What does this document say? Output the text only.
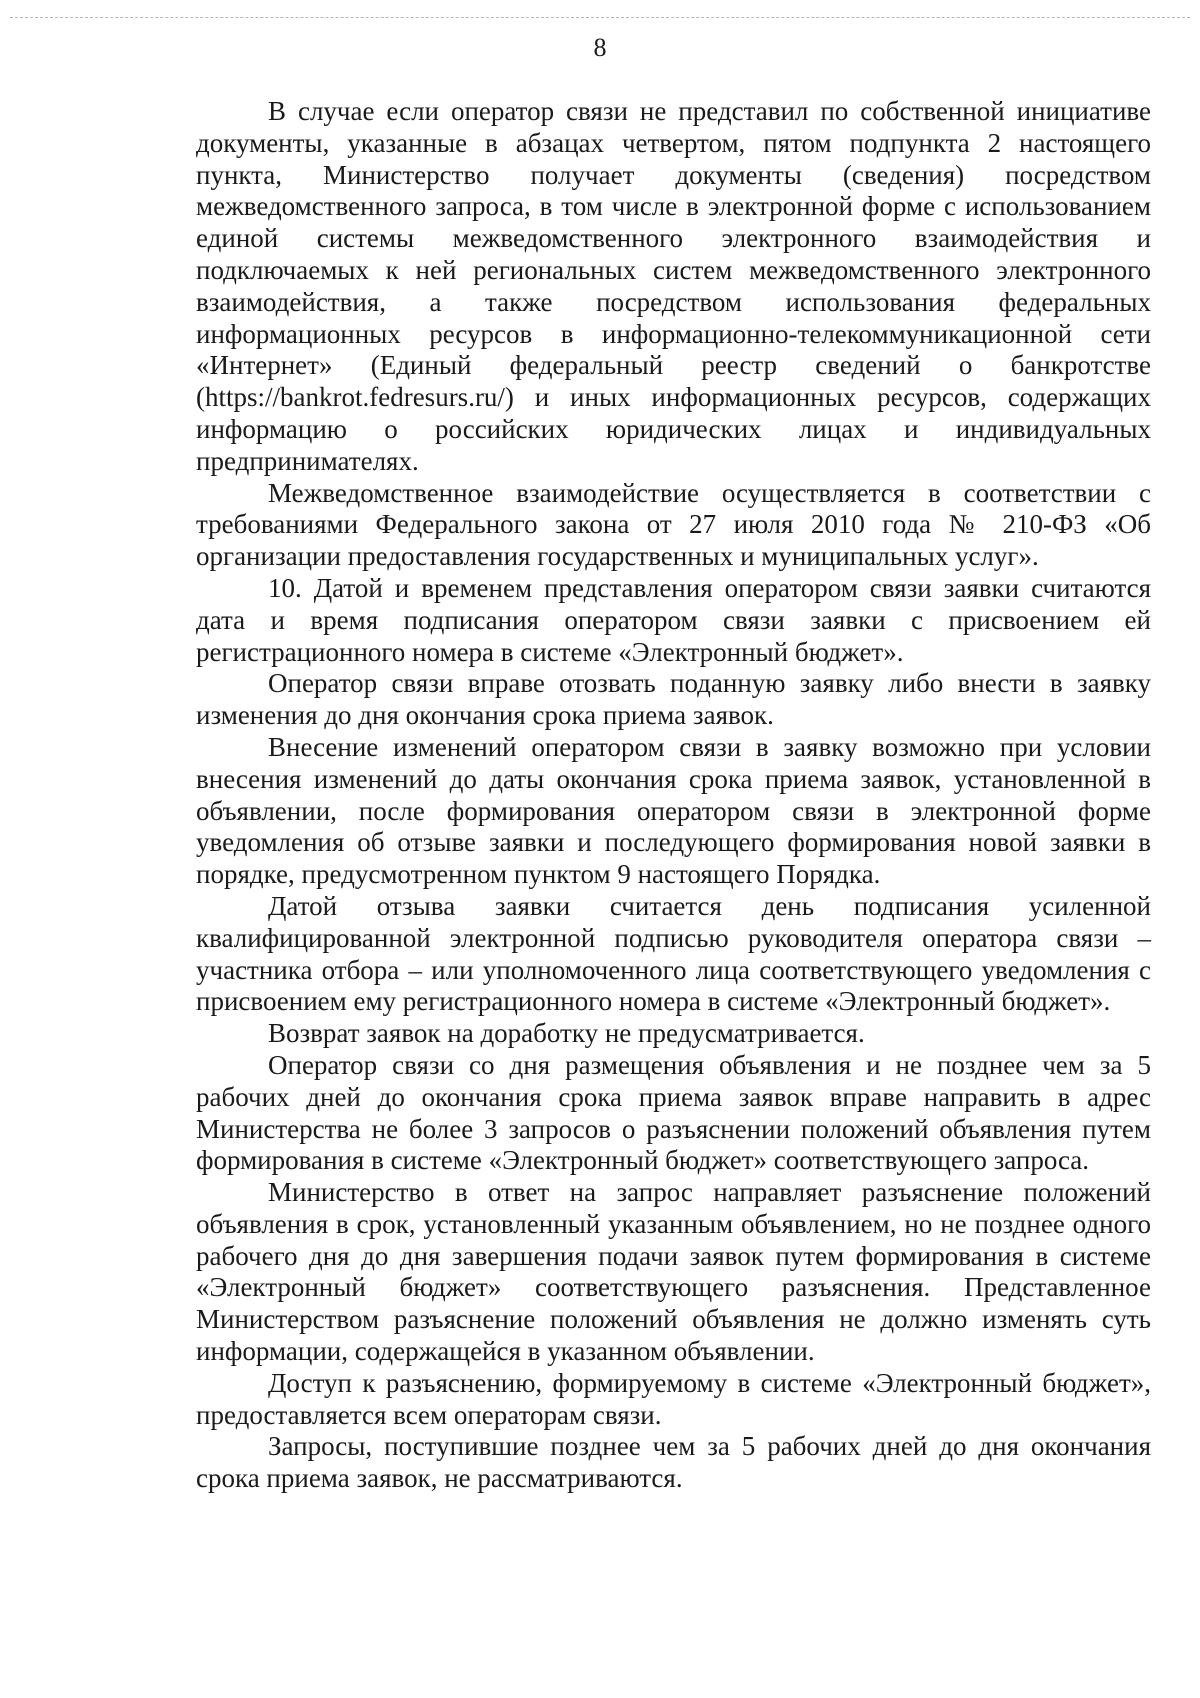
8

В случае если оператор связи не представил по собственной инициативе документы, указанные в абзацах четвертом, пятом подпункта 2 настоящего пункта, Министерство получает документы (сведения) посредством межведомственного запроса, в том числе в электронной форме с использованием единой системы межведомственного электронного взаимодействия и подключаемых к ней региональных систем межведомственного электронного взаимодействия, а также посредством использования федеральных информационных ресурсов в информационно-телекоммуникационной сети «Интернет» (Единый федеральный реестр сведений о банкротстве (https://bankrot.fedresurs.ru/) и иных информационных ресурсов, содержащих информацию о российских юридических лицах и индивидуальных предпринимателях.

Межведомственное взаимодействие осуществляется в соответствии с требованиями Федерального закона от 27 июля 2010 года № 210-ФЗ «Об организации предоставления государственных и муниципальных услуг».

10. Датой и временем представления оператором связи заявки считаются дата и время подписания оператором связи заявки с присвоением ей регистрационного номера в системе «Электронный бюджет».

Оператор связи вправе отозвать поданную заявку либо внести в заявку изменения до дня окончания срока приема заявок.

Внесение изменений оператором связи в заявку возможно при условии внесения изменений до даты окончания срока приема заявок, установленной в объявлении, после формирования оператором связи в электронной форме уведомления об отзыве заявки и последующего формирования новой заявки в порядке, предусмотренном пунктом 9 настоящего Порядка.

Датой отзыва заявки считается день подписания усиленной квалифицированной электронной подписью руководителя оператора связи – участника отбора – или уполномоченного лица соответствующего уведомления с присвоением ему регистрационного номера в системе «Электронный бюджет».

Возврат заявок на доработку не предусматривается.

Оператор связи со дня размещения объявления и не позднее чем за 5 рабочих дней до окончания срока приема заявок вправе направить в адрес Министерства не более 3 запросов о разъяснении положений объявления путем формирования в системе «Электронный бюджет» соответствующего запроса.

Министерство в ответ на запрос направляет разъяснение положений объявления в срок, установленный указанным объявлением, но не позднее одного рабочего дня до дня завершения подачи заявок путем формирования в системе «Электронный бюджет» соответствующего разъяснения. Представленное Министерством разъяснение положений объявления не должно изменять суть информации, содержащейся в указанном объявлении.

Доступ к разъяснению, формируемому в системе «Электронный бюджет», предоставляется всем операторам связи.

Запросы, поступившие позднее чем за 5 рабочих дней до дня окончания срока приема заявок, не рассматриваются.
